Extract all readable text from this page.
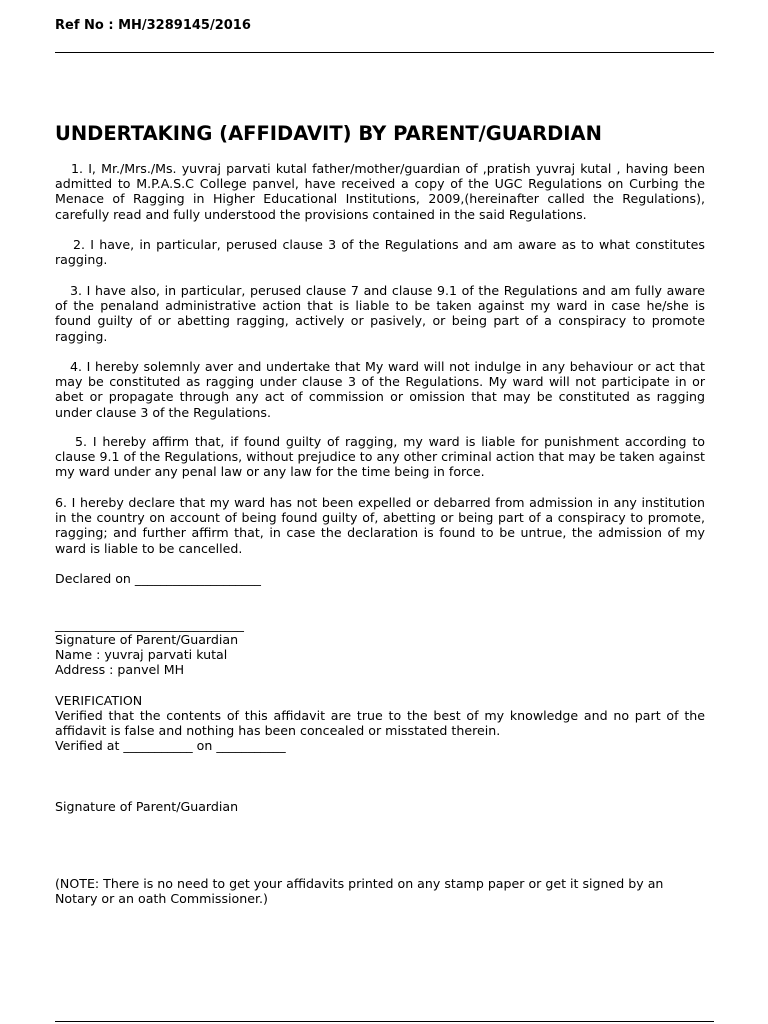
Ref No : MH/3289145/2016
UNDERTAKING (AFFIDAVIT) BY PARENT/GUARDIAN
1. I, Mr./Mrs./Ms. yuvraj parvati kutal father/mother/guardian of ,pratish yuvraj kutal , having been admitted to M.P.A.S.C College panvel, have received a copy of the UGC Regulations on Curbing the Menace of Ragging in Higher Educational Institutions, 2009,(hereinafter called the Regulations), carefully read and fully understood the provisions contained in the said Regulations.
2. I have, in particular, perused clause 3 of the Regulations and am aware as to what constitutes ragging.
3. I have also, in particular, perused clause 7 and clause 9.1 of the Regulations and am fully aware of the penaland administrative action that is liable to be taken against my ward in case he/she is found guilty of or abetting ragging, actively or pasively, or being part of a conspiracy to promote ragging.
4. I hereby solemnly aver and undertake that My ward will not indulge in any behaviour or act that may be constituted as ragging under clause 3 of the Regulations. My ward will not participate in or abet or propagate through any act of commission or omission that may be constituted as ragging under clause 3 of the Regulations.
5. I hereby affirm that, if found guilty of ragging, my ward is liable for punishment according to clause 9.1 of the Regulations, without prejudice to any other criminal action that may be taken against my ward under any penal law or any law for the time being in force.
6. I hereby declare that my ward has not been expelled or debarred from admission in any institution in the country on account of being found guilty of, abetting or being part of a conspiracy to promote, ragging; and further affirm that, in case the declaration is found to be untrue, the admission of my ward is liable to be cancelled.
Declared on ____________________
______________________________
Signature of Parent/Guardian
Name : yuvraj parvati kutal
Address : panvel MH
VERIFICATION
Verified that the contents of this affidavit are true to the best of my knowledge and no part of the affidavit is false and nothing has been concealed or misstated therein.
Verified at ___________ on ___________
Signature of Parent/Guardian
(NOTE: There is no need to get your affidavits printed on any stamp paper or get it signed by an Notary or an oath Commissioner.)
